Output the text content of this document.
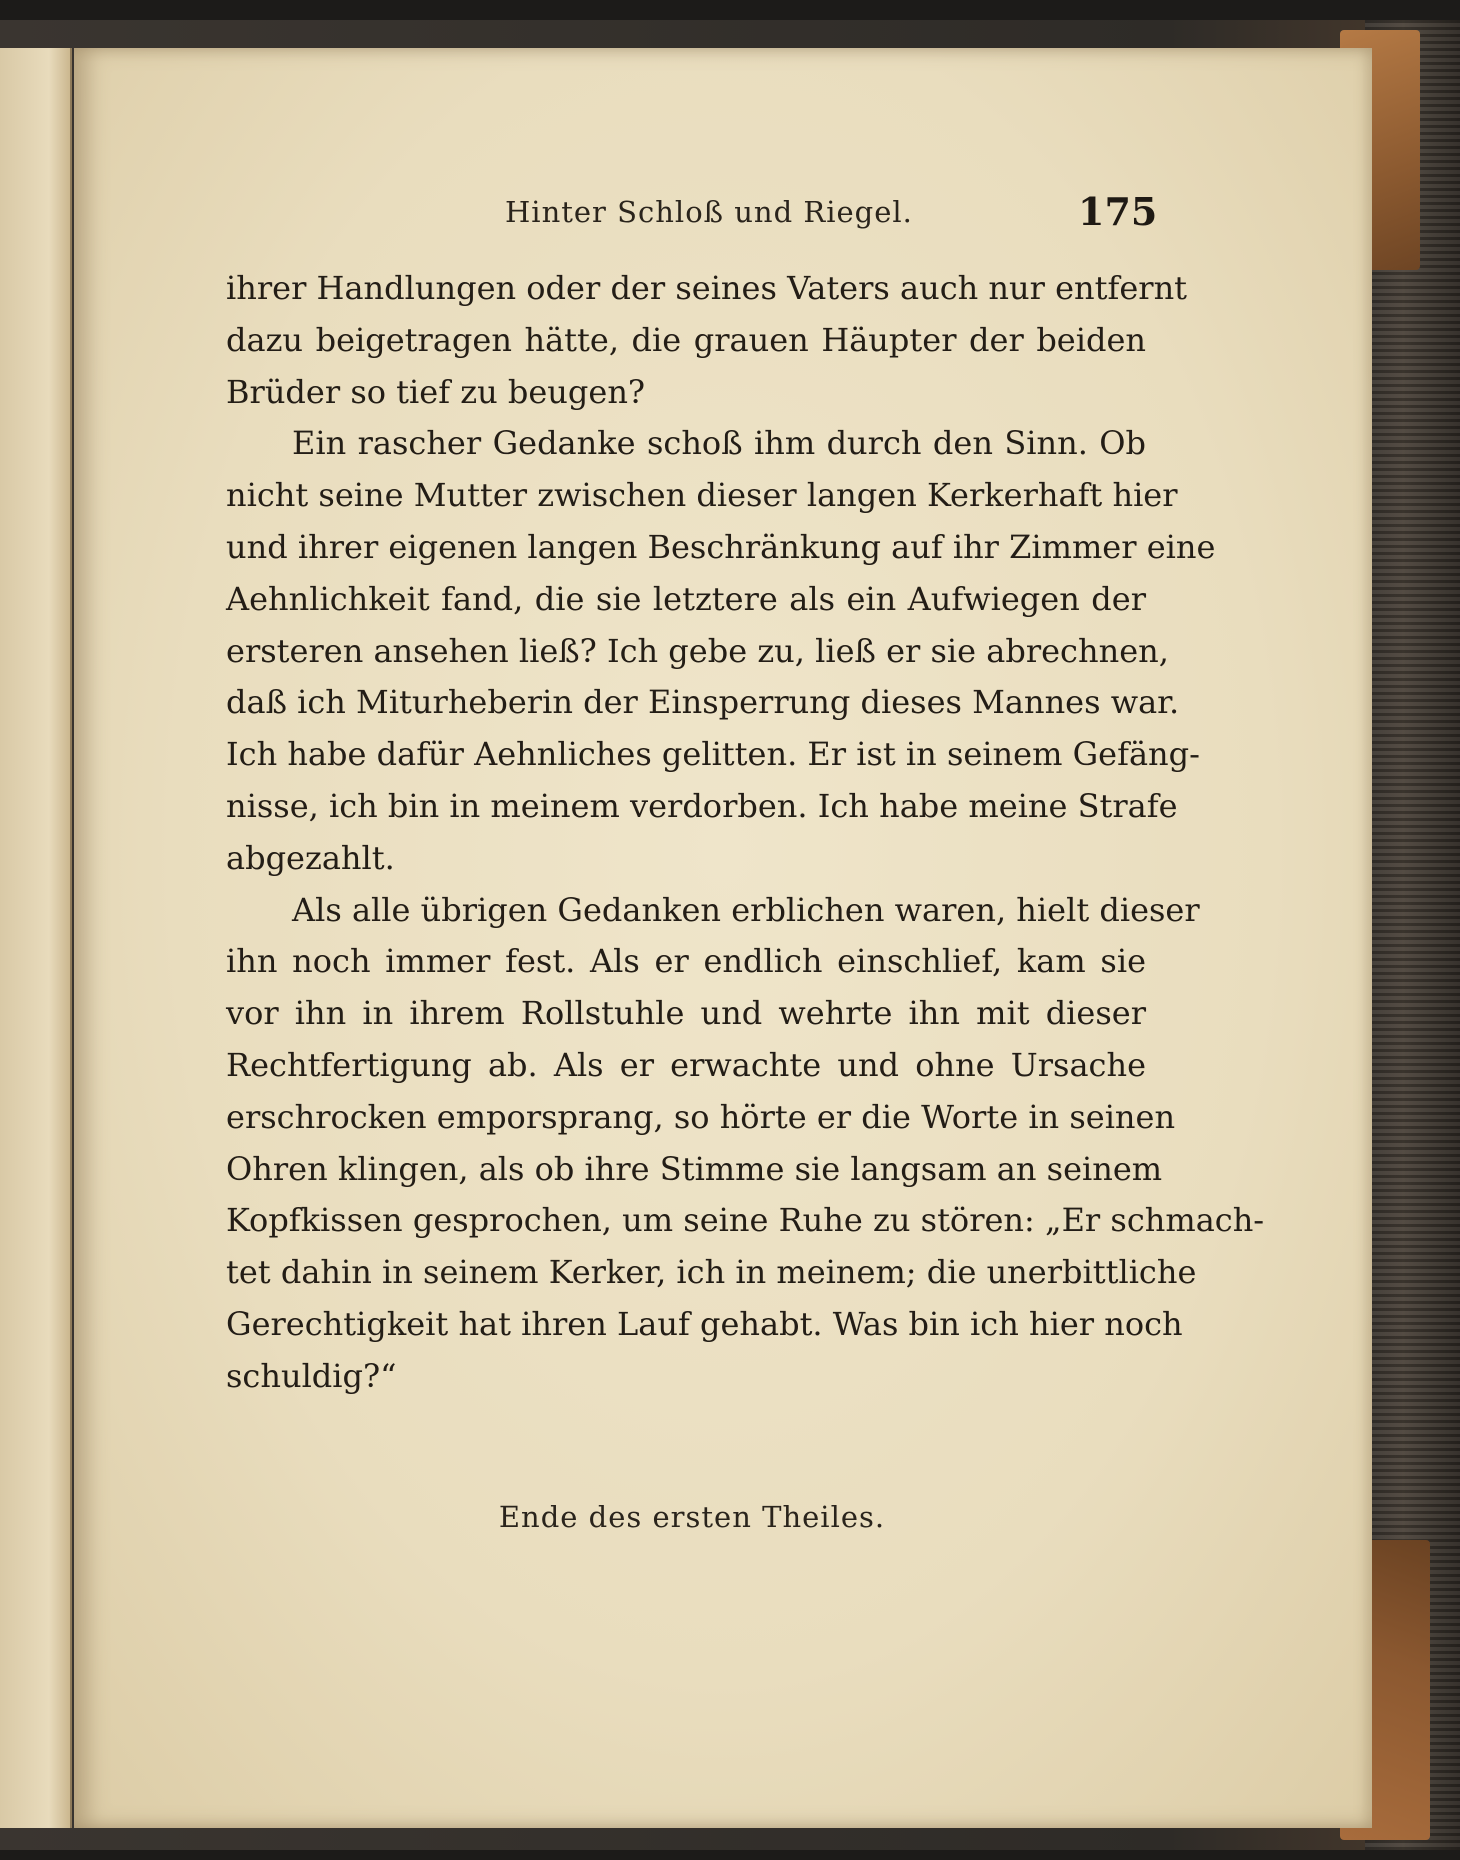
Hinter Schloß und Riegel.	175

ihrer Handlungen oder der seines Vaters auch nur entfernt
dazu beigetragen hätte, die grauen Häupter der beiden
Brüder so tief zu beugen?

Ein rascher Gedanke schoß ihm durch den Sinn. Ob
nicht seine Mutter zwischen dieser langen Kerkerhaft hier
und ihrer eigenen langen Beschränkung auf ihr Zimmer eine
Aehnlichkeit fand, die sie letztere als ein Aufwiegen der
ersteren ansehen ließ? Ich gebe zu, ließ er sie abrechnen,
daß ich Miturheberin der Einsperrung dieses Mannes war.
Ich habe dafür Aehnliches gelitten. Er ist in seinem Gefäng-
nisse, ich bin in meinem verdorben. Ich habe meine Strafe
abgezahlt.

Als alle übrigen Gedanken erblichen waren, hielt dieser
ihn noch immer fest. Als er endlich einschlief, kam sie
vor ihn in ihrem Rollstuhle und wehrte ihn mit dieser
Rechtfertigung ab. Als er erwachte und ohne Ursache
erschrocken emporsprang, so hörte er die Worte in seinen
Ohren klingen, als ob ihre Stimme sie langsam an seinem
Kopfkissen gesprochen, um seine Ruhe zu stören: „Er schmach-
tet dahin in seinem Kerker, ich in meinem; die unerbittliche
Gerechtigkeit hat ihren Lauf gehabt. Was bin ich hier noch
schuldig?“

Ende des ersten Theiles.
